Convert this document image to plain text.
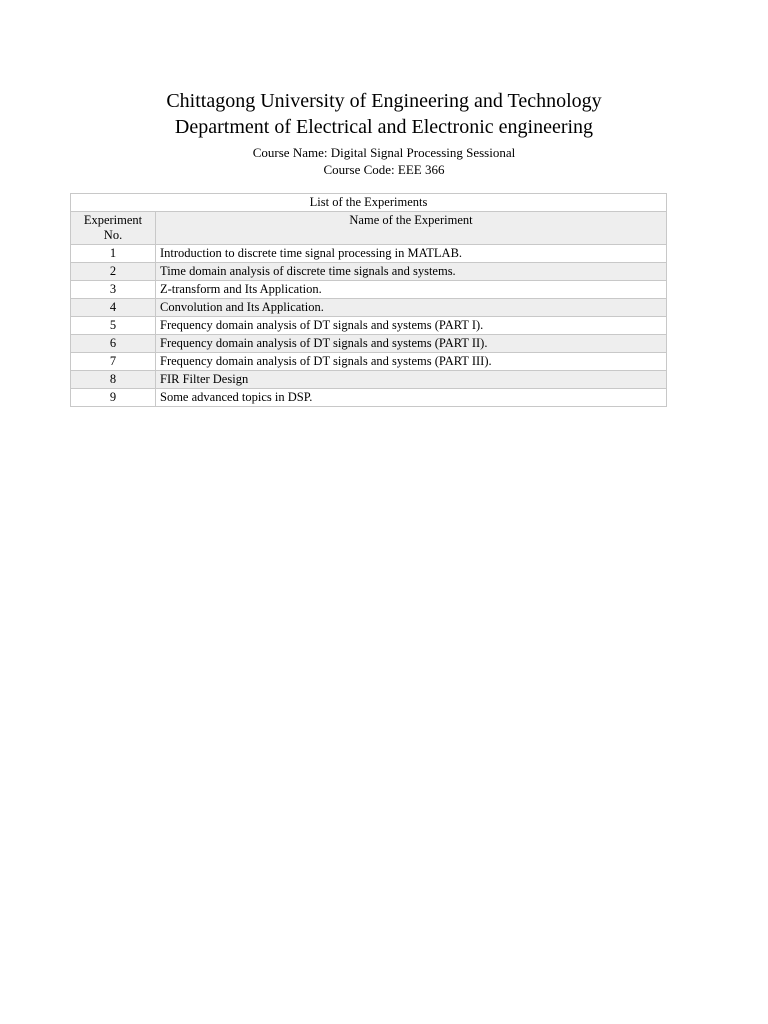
Chittagong University of Engineering and Technology

Department of Electrical and Electronic engineering

Course Name: Digital Signal Processing Sessional

Course Code: EEE 366

List of the Experiments	
Experiment
No.	Name of the Experiment
1	Introduction to discrete time signal processing in MATLAB.
2	Time domain analysis of discrete time signals and systems.
3	Z-transform and Its Application.
4	Convolution and Its Application.
5	Frequency domain analysis of DT signals and systems (PART I).
6	Frequency domain analysis of DT signals and systems (PART II).
7	Frequency domain analysis of DT signals and systems (PART III).
8	FIR Filter Design
9	Some advanced topics in DSP.
